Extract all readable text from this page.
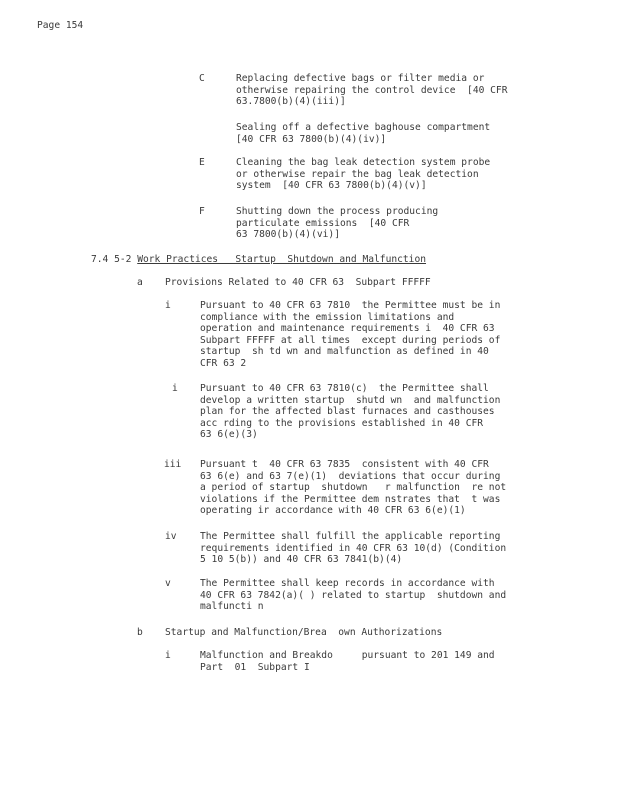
Page 154
C	Replacing defective bags or filter media or
otherwise repairing the control device  [40 CFR
63.7800(b)(4)(iii)]
Sealing off a defective baghouse compartment
[40 CFR 63 7800(b)(4)(iv)]
E	Cleaning the bag leak detection system probe
or otherwise repair the bag leak detection
system  [40 CFR 63 7800(b)(4)(v)]
F	Shutting down the process producing
particulate emissions  [40 CFR
63 7800(b)(4)(vi)]
7.4 5-2 Work Practices   Startup  Shutdown and Malfunction
a Provisions Related to 40 CFR 63  Subpart FFFFF
i	Pursuant to 40 CFR 63 7810  the Permittee must be in
compliance with the emission limitations and
operation and maintenance requirements i  40 CFR 63
Subpart FFFFF at all times  except during periods of
startup  sh td wn and malfunction as defined in 40
CFR 63 2
i Pursuant to 40 CFR 63 7810(c)  the Permittee shall
develop a written startup  shutd wn  and malfunction
plan for the affected blast furnaces and casthouses
acc rding to the provisions established in 40 CFR
63 6(e)(3)
iii Pursuant t  40 CFR 63 7835  consistent with 40 CFR
63 6(e) and 63 7(e)(1)  deviations that occur during
a period of startup  shutdown   r malfunction  re not
violations if the Permittee dem nstrates that  t was
operating ir accordance with 40 CFR 63 6(e)(1)
iv The Permittee shall fulfill the applicable reporting
requirements identified in 40 CFR 63 10(d) (Condition
5 10 5(b)) and 40 CFR 63 7841(b)(4)
v	The Permittee shall keep records in accordance with
40 CFR 63 7842(a)( ) related to startup  shutdown and
malfuncti n
b Startup and Malfunction/Brea  own Authorizations
i	Malfunction and Breakdo     pursuant to 201 149 and
Part  01  Subpart I
